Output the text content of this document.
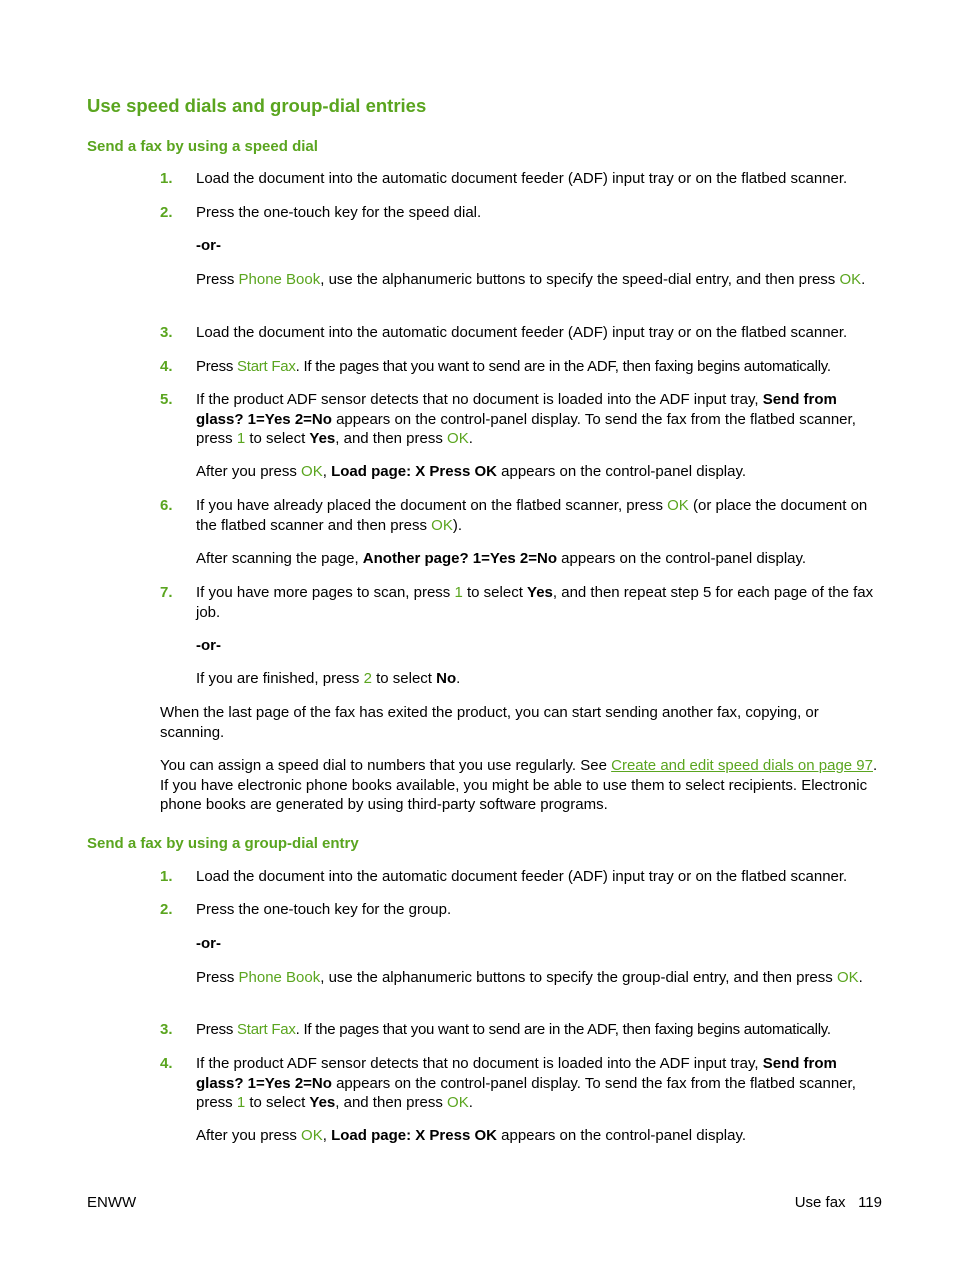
Use speed dials and group-dial entries
Send a fax by using a speed dial
1.	Load the document into the automatic document feeder (ADF) input tray or on the flatbed scanner.
2.	Press the one-touch key for the speed dial.
-or-
Press Phone Book, use the alphanumeric buttons to specify the speed-dial entry, and then press OK.
3.	Load the document into the automatic document feeder (ADF) input tray or on the flatbed scanner.
4.	Press Start Fax. If the pages that you want to send are in the ADF, then faxing begins automatically.
5.	If the product ADF sensor detects that no document is loaded into the ADF input tray, Send from glass? 1=Yes 2=No appears on the control-panel display. To send the fax from the flatbed scanner, press 1 to select Yes, and then press OK.
After you press OK, Load page: X Press OK appears on the control-panel display.
6.	If you have already placed the document on the flatbed scanner, press OK (or place the document on the flatbed scanner and then press OK).
After scanning the page, Another page? 1=Yes 2=No appears on the control-panel display.
7.	If you have more pages to scan, press 1 to select Yes, and then repeat step 5 for each page of the fax job.
-or-
If you are finished, press 2 to select No.
When the last page of the fax has exited the product, you can start sending another fax, copying, or scanning.
You can assign a speed dial to numbers that you use regularly. See Create and edit speed dials on page 97. If you have electronic phone books available, you might be able to use them to select recipients. Electronic phone books are generated by using third-party software programs.
Send a fax by using a group-dial entry
1.	Load the document into the automatic document feeder (ADF) input tray or on the flatbed scanner.
2.	Press the one-touch key for the group.
-or-
Press Phone Book, use the alphanumeric buttons to specify the group-dial entry, and then press OK.
3.	Press Start Fax. If the pages that you want to send are in the ADF, then faxing begins automatically.
4.	If the product ADF sensor detects that no document is loaded into the ADF input tray, Send from glass? 1=Yes 2=No appears on the control-panel display. To send the fax from the flatbed scanner, press 1 to select Yes, and then press OK.
After you press OK, Load page: X Press OK appears on the control-panel display.
ENWW	Use fax 119
